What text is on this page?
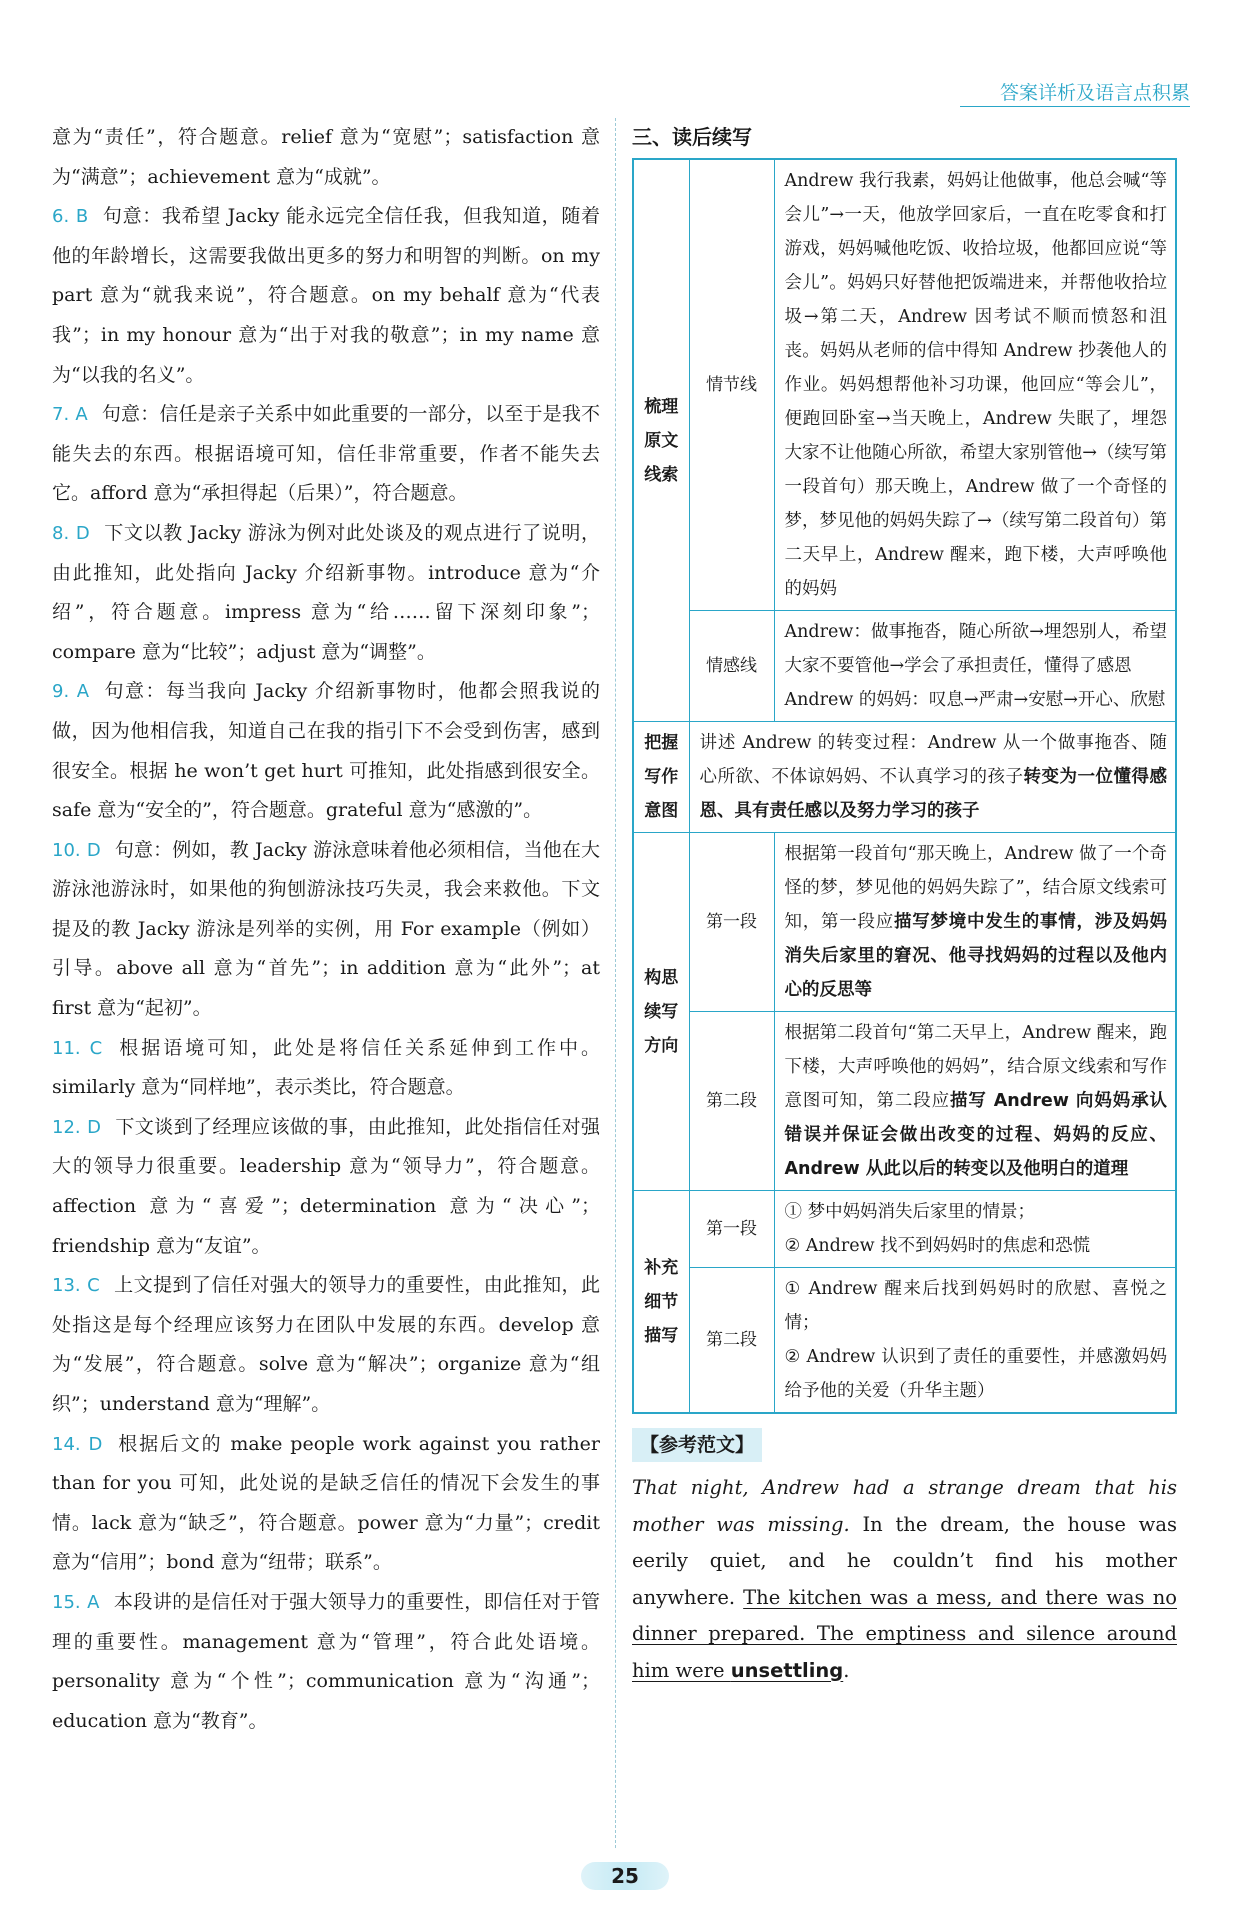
答案详析及语言点积累

意为“责任”，符合题意。relief 意为“宽慰”；satisfaction 意为“满意”；achievement 意为“成就”。

6. B 句意：我希望 Jacky 能永远完全信任我，但我知道，随着他的年龄增长，这需要我做出更多的努力和明智的判断。on my part 意为“就我来说”，符合题意。on my behalf 意为“代表我”；in my honour 意为“出于对我的敬意”；in my name 意为“以我的名义”。

7. A 句意：信任是亲子关系中如此重要的一部分，以至于是我不能失去的东西。根据语境可知，信任非常重要，作者不能失去它。afford 意为“承担得起（后果）”，符合题意。

8. D 下文以教 Jacky 游泳为例对此处谈及的观点进行了说明，由此推知，此处指向 Jacky 介绍新事物。introduce 意为“介绍”，符合题意。impress 意为“给……留下深刻印象”；compare 意为“比较”；adjust 意为“调整”。

9. A 句意：每当我向 Jacky 介绍新事物时，他都会照我说的做，因为他相信我，知道自己在我的指引下不会受到伤害，感到很安全。根据 he won’t get hurt 可推知，此处指感到很安全。safe 意为“安全的”，符合题意。grateful 意为“感激的”。

10. D 句意：例如，教 Jacky 游泳意味着他必须相信，当他在大游泳池游泳时，如果他的狗刨游泳技巧失灵，我会来救他。下文提及的教 Jacky 游泳是列举的实例，用 For example（例如）引导。above all 意为“首先”；in addition 意为“此外”；at first 意为“起初”。

11. C 根据语境可知，此处是将信任关系延伸到工作中。similarly 意为“同样地”，表示类比，符合题意。

12. D 下文谈到了经理应该做的事，由此推知，此处指信任对强大的领导力很重要。leadership 意为“领导力”，符合题意。affection 意为“喜爱”；determination 意为“决心”；friendship 意为“友谊”。

13. C 上文提到了信任对强大的领导力的重要性，由此推知，此处指这是每个经理应该努力在团队中发展的东西。develop 意为“发展”，符合题意。solve 意为“解决”；organize 意为“组织”；understand 意为“理解”。

14. D 根据后文的 make people work against you rather than for you 可知，此处说的是缺乏信任的情况下会发生的事情。lack 意为“缺乏”，符合题意。power 意为“力量”；credit 意为“信用”；bond 意为“纽带；联系”。

15. A 本段讲的是信任对于强大领导力的重要性，即信任对于管理的重要性。management 意为“管理”，符合此处语境。personality 意为“个性”；communication 意为“沟通”；education 意为“教育”。

三、读后续写
梳理原文线索	情节线	Andrew 我行我素，妈妈让他做事，他总会喊“等会儿”→一天，他放学回家后，一直在吃零食和打游戏，妈妈喊他吃饭、收拾垃圾，他都回应说“等会儿”。妈妈只好替他把饭端进来，并帮他收拾垃圾→第二天，Andrew 因考试不顺而愤怒和沮丧。妈妈从老师的信中得知 Andrew 抄袭他人的作业。妈妈想帮他补习功课，他回应“等会儿”，便跑回卧室→当天晚上，Andrew 失眠了，埋怨大家不让他随心所欲，希望大家别管他→（续写第一段首句）那天晚上，Andrew 做了一个奇怪的梦，梦见他的妈妈失踪了→（续写第二段首句）第二天早上，Andrew 醒来，跑下楼，大声呼唤他的妈妈
	情感线	Andrew：做事拖沓，随心所欲→埋怨别人，希望大家不要管他→学会了承担责任，懂得了感恩
Andrew 的妈妈：叹息→严肃→安慰→开心、欣慰

把握写作意图	讲述 Andrew 的转变过程：Andrew 从一个做事拖沓、随心所欲、不体谅妈妈、不认真学习的孩子转变为一位懂得感恩、具有责任感以及努力学习的孩子	
构思续写方向	第一段	根据第一段首句“那天晚上，Andrew 做了一个奇怪的梦，梦见他的妈妈失踪了”，结合原文线索可知，第一段应描写梦境中发生的事情，涉及妈妈消失后家里的窘况、他寻找妈妈的过程以及他内心的反思等
	第二段	根据第二段首句“第二天早上，Andrew 醒来，跑下楼，大声呼唤他的妈妈”，结合原文线索和写作意图可知，第二段应描写 Andrew 向妈妈承认错误并保证会做出改变的过程、妈妈的反应、Andrew 从此以后的转变以及他明白的道理
补充细节描写	第一段	① 梦中妈妈消失后家里的情景；
② Andrew 找不到妈妈时的焦虑和恐慌

	第二段	① Andrew 醒来后找到妈妈时的欣慰、喜悦之情；
② Andrew 认识到了责任的重要性，并感激妈妈给予他的关爱（升华主题）
【参考范文】
That night, Andrew had a strange dream that his mother was missing. In the dream, the house was eerily quiet, and he couldn’t find his mother anywhere. The kitchen was a mess, and there was no dinner prepared. The emptiness and silence around him were unsettling.
25
